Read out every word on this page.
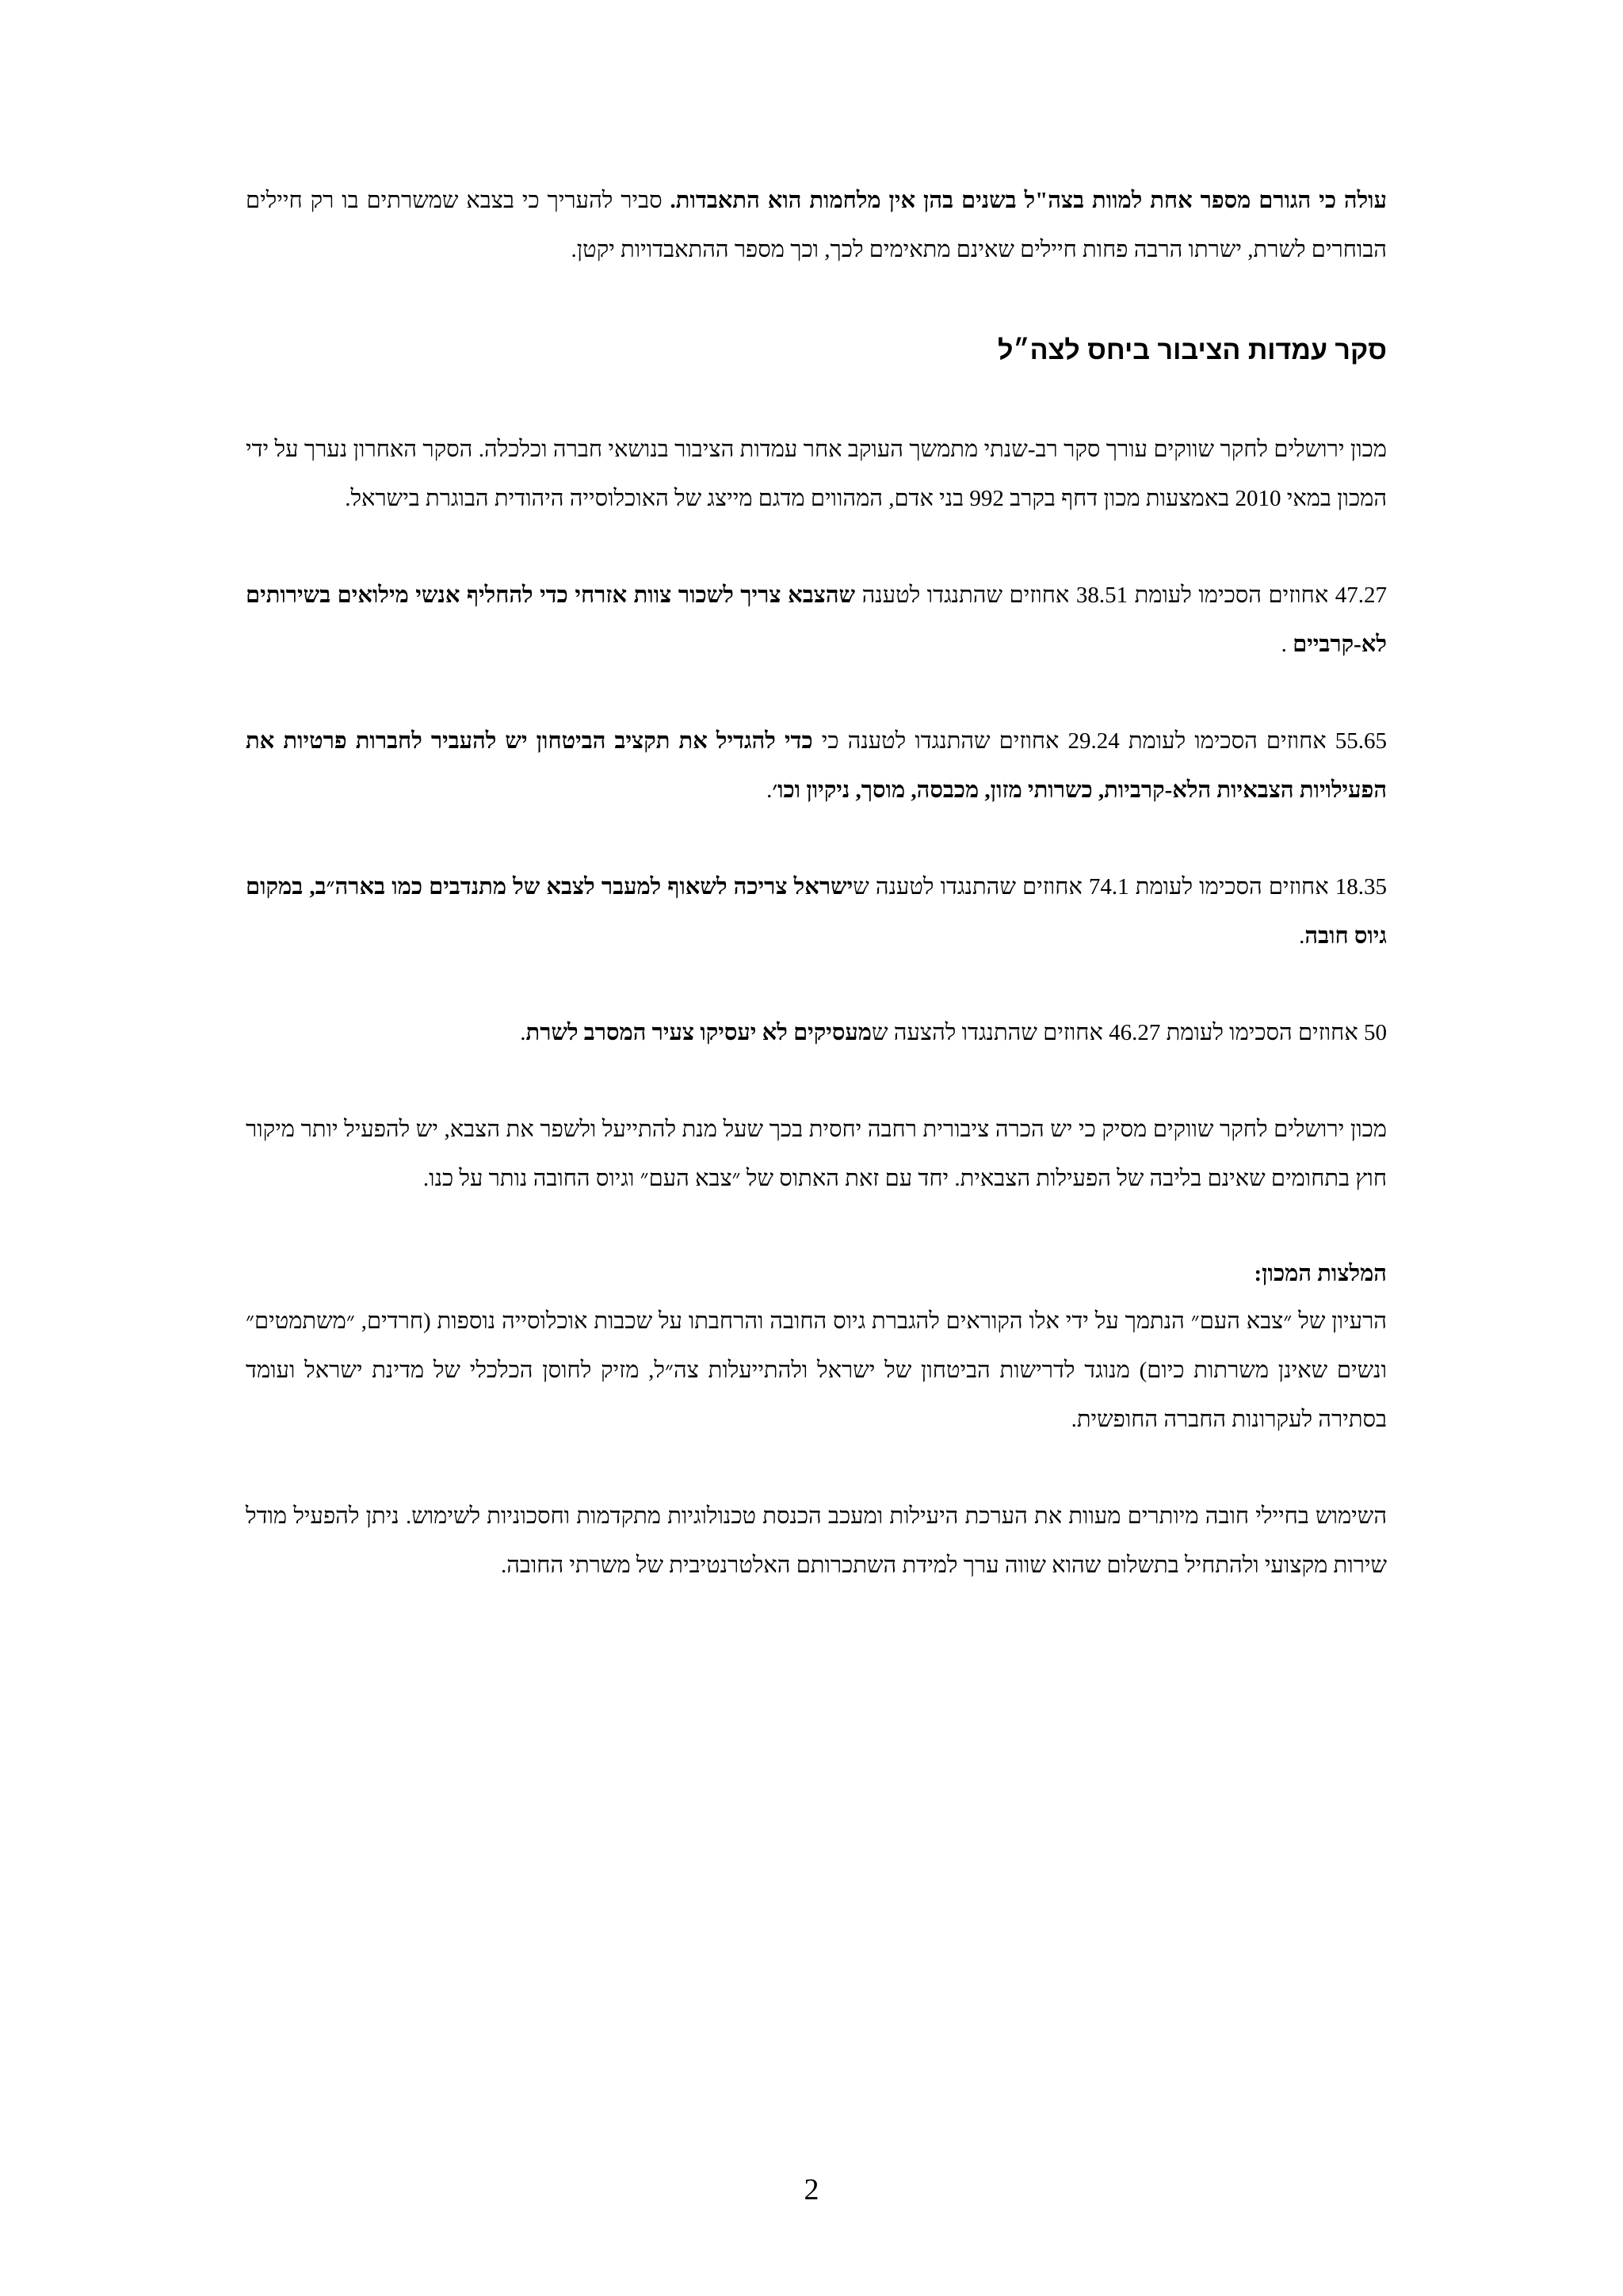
עולה כי הגורם מספר אחת למוות בצה"ל בשנים בהן אין מלחמות הוא התאבדות. סביר להעריך כי בצבא שמשרתים בו רק חיילים הבוחרים לשרת, ישרתו הרבה פחות חיילים שאינם מתאימים לכך, וכך מספר ההתאבדויות יקטן.

סקר עמדות הציבור ביחס לצה״ל

מכון ירושלים לחקר שווקים עורך סקר רב-שנתי מתמשך העוקב אחר עמדות הציבור בנושאי חברה וכלכלה. הסקר האחרון נערך על ידי המכון במאי 2010 באמצעות מכון דחף בקרב 992 בני אדם, המהווים מדגם מייצג של האוכלוסייה היהודית הבוגרת בישראל.

47.27 אחוזים הסכימו לעומת 38.51 אחוזים שהתנגדו לטענה שהצבא צריך לשכור צוות אזרחי כדי להחליף אנשי מילואים בשירותים לא-קרביים .

55.65 אחוזים הסכימו לעומת 29.24 אחוזים שהתנגדו לטענה כי כדי להגדיל את תקציב הביטחון יש להעביר לחברות פרטיות את הפעילויות הצבאיות הלא-קרביות, כשרותי מזון, מכבסה, מוסך, ניקיון וכו׳.

18.35 אחוזים הסכימו לעומת 74.1 אחוזים שהתנגדו לטענה שישראל צריכה לשאוף למעבר לצבא של מתנדבים כמו בארה״ב, במקום גיוס חובה.

50 אחוזים הסכימו לעומת 46.27 אחוזים שהתנגדו להצעה שמעסיקים לא יעסיקו צעיר המסרב לשרת.

מכון ירושלים לחקר שווקים מסיק כי יש הכרה ציבורית רחבה יחסית בכך שעל מנת להתייעל ולשפר את הצבא, יש להפעיל יותר מיקור חוץ בתחומים שאינם בליבה של הפעילות הצבאית. יחד עם זאת האתוס של ״צבא העם״ וגיוס החובה נותר על כנו.

המלצות המכון:

הרעיון של ״צבא העם״ הנתמך על ידי אלו הקוראים להגברת גיוס החובה והרחבתו על שכבות אוכלוסייה נוספות (חרדים, ״משתמטים״ ונשים שאינן משרתות כיום) מנוגד לדרישות הביטחון של ישראל ולהתייעלות צה״ל, מזיק לחוסן הכלכלי של מדינת ישראל ועומד בסתירה לעקרונות החברה החופשית.

השימוש בחיילי חובה מיותרים מעוות את הערכת היעילות ומעכב הכנסת טכנולוגיות מתקדמות וחסכוניות לשימוש. ניתן להפעיל מודל שירות מקצועי ולהתחיל בתשלום שהוא שווה ערך למידת השתכרותם האלטרנטיבית של משרתי החובה.

2
